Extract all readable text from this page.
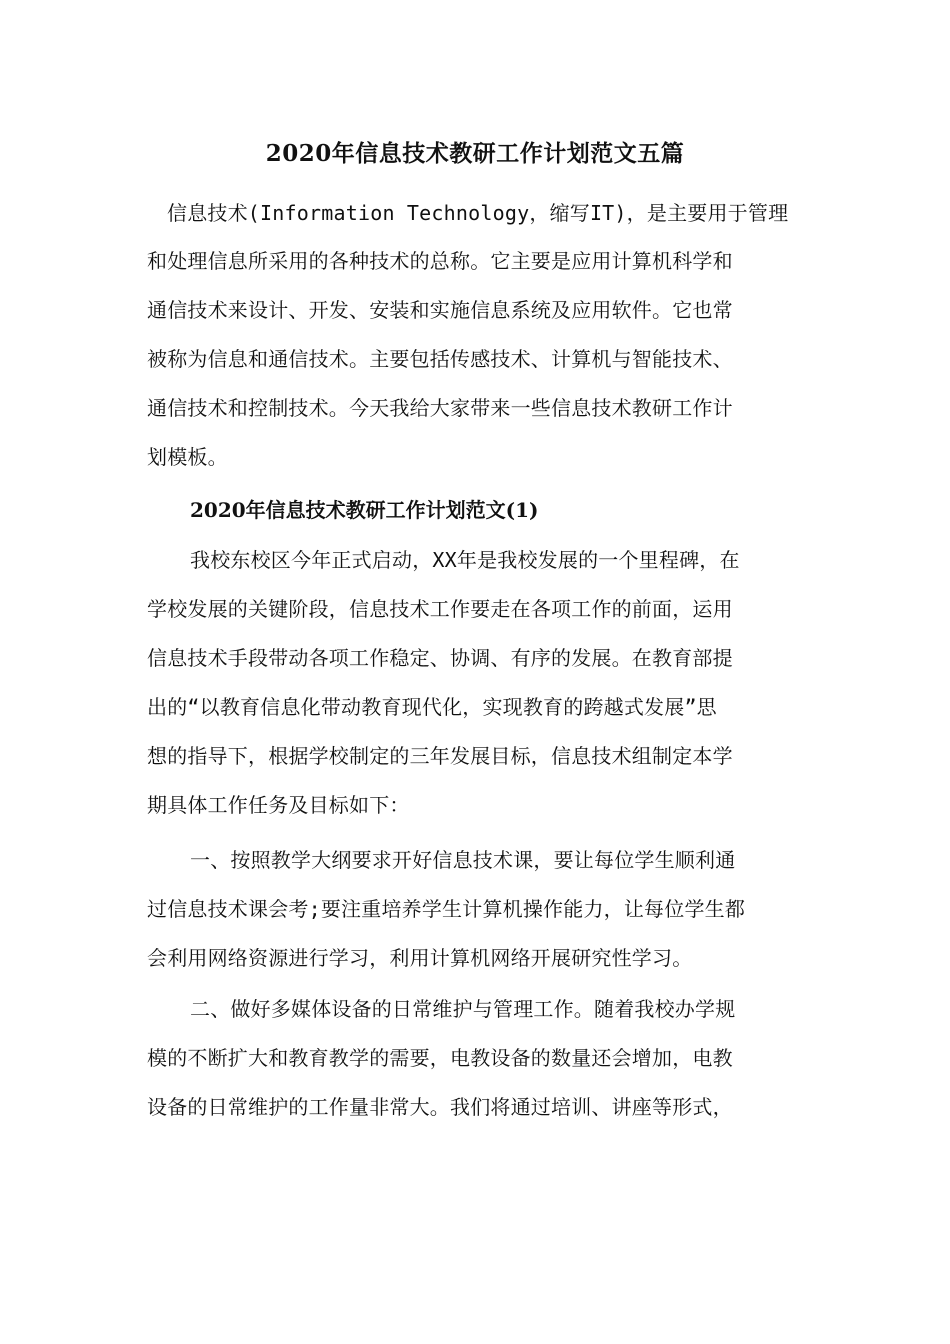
2020年信息技术教研工作计划范文五篇
信息技术(Information Technology，缩写IT)，是主要用于管理
和处理信息所采用的各种技术的总称。它主要是应用计算机科学和
通信技术来设计、开发、安装和实施信息系统及应用软件。它也常
被称为信息和通信技术。主要包括传感技术、计算机与智能技术、
通信技术和控制技术。今天我给大家带来一些信息技术教研工作计
划模板。
2020年信息技术教研工作计划范文(1)
我校东校区今年正式启动，XX年是我校发展的一个里程碑，在
学校发展的关键阶段，信息技术工作要走在各项工作的前面，运用
信息技术手段带动各项工作稳定、协调、有序的发展。在教育部提
出的“以教育信息化带动教育现代化，实现教育的跨越式发展”思
想的指导下，根据学校制定的三年发展目标，信息技术组制定本学
期具体工作任务及目标如下：
一、按照教学大纲要求开好信息技术课，要让每位学生顺利通
过信息技术课会考;要注重培养学生计算机操作能力，让每位学生都
会利用网络资源进行学习，利用计算机网络开展研究性学习。
二、做好多媒体设备的日常维护与管理工作。随着我校办学规
模的不断扩大和教育教学的需要，电教设备的数量还会增加，电教
设备的日常维护的工作量非常大。我们将通过培训、讲座等形式，
